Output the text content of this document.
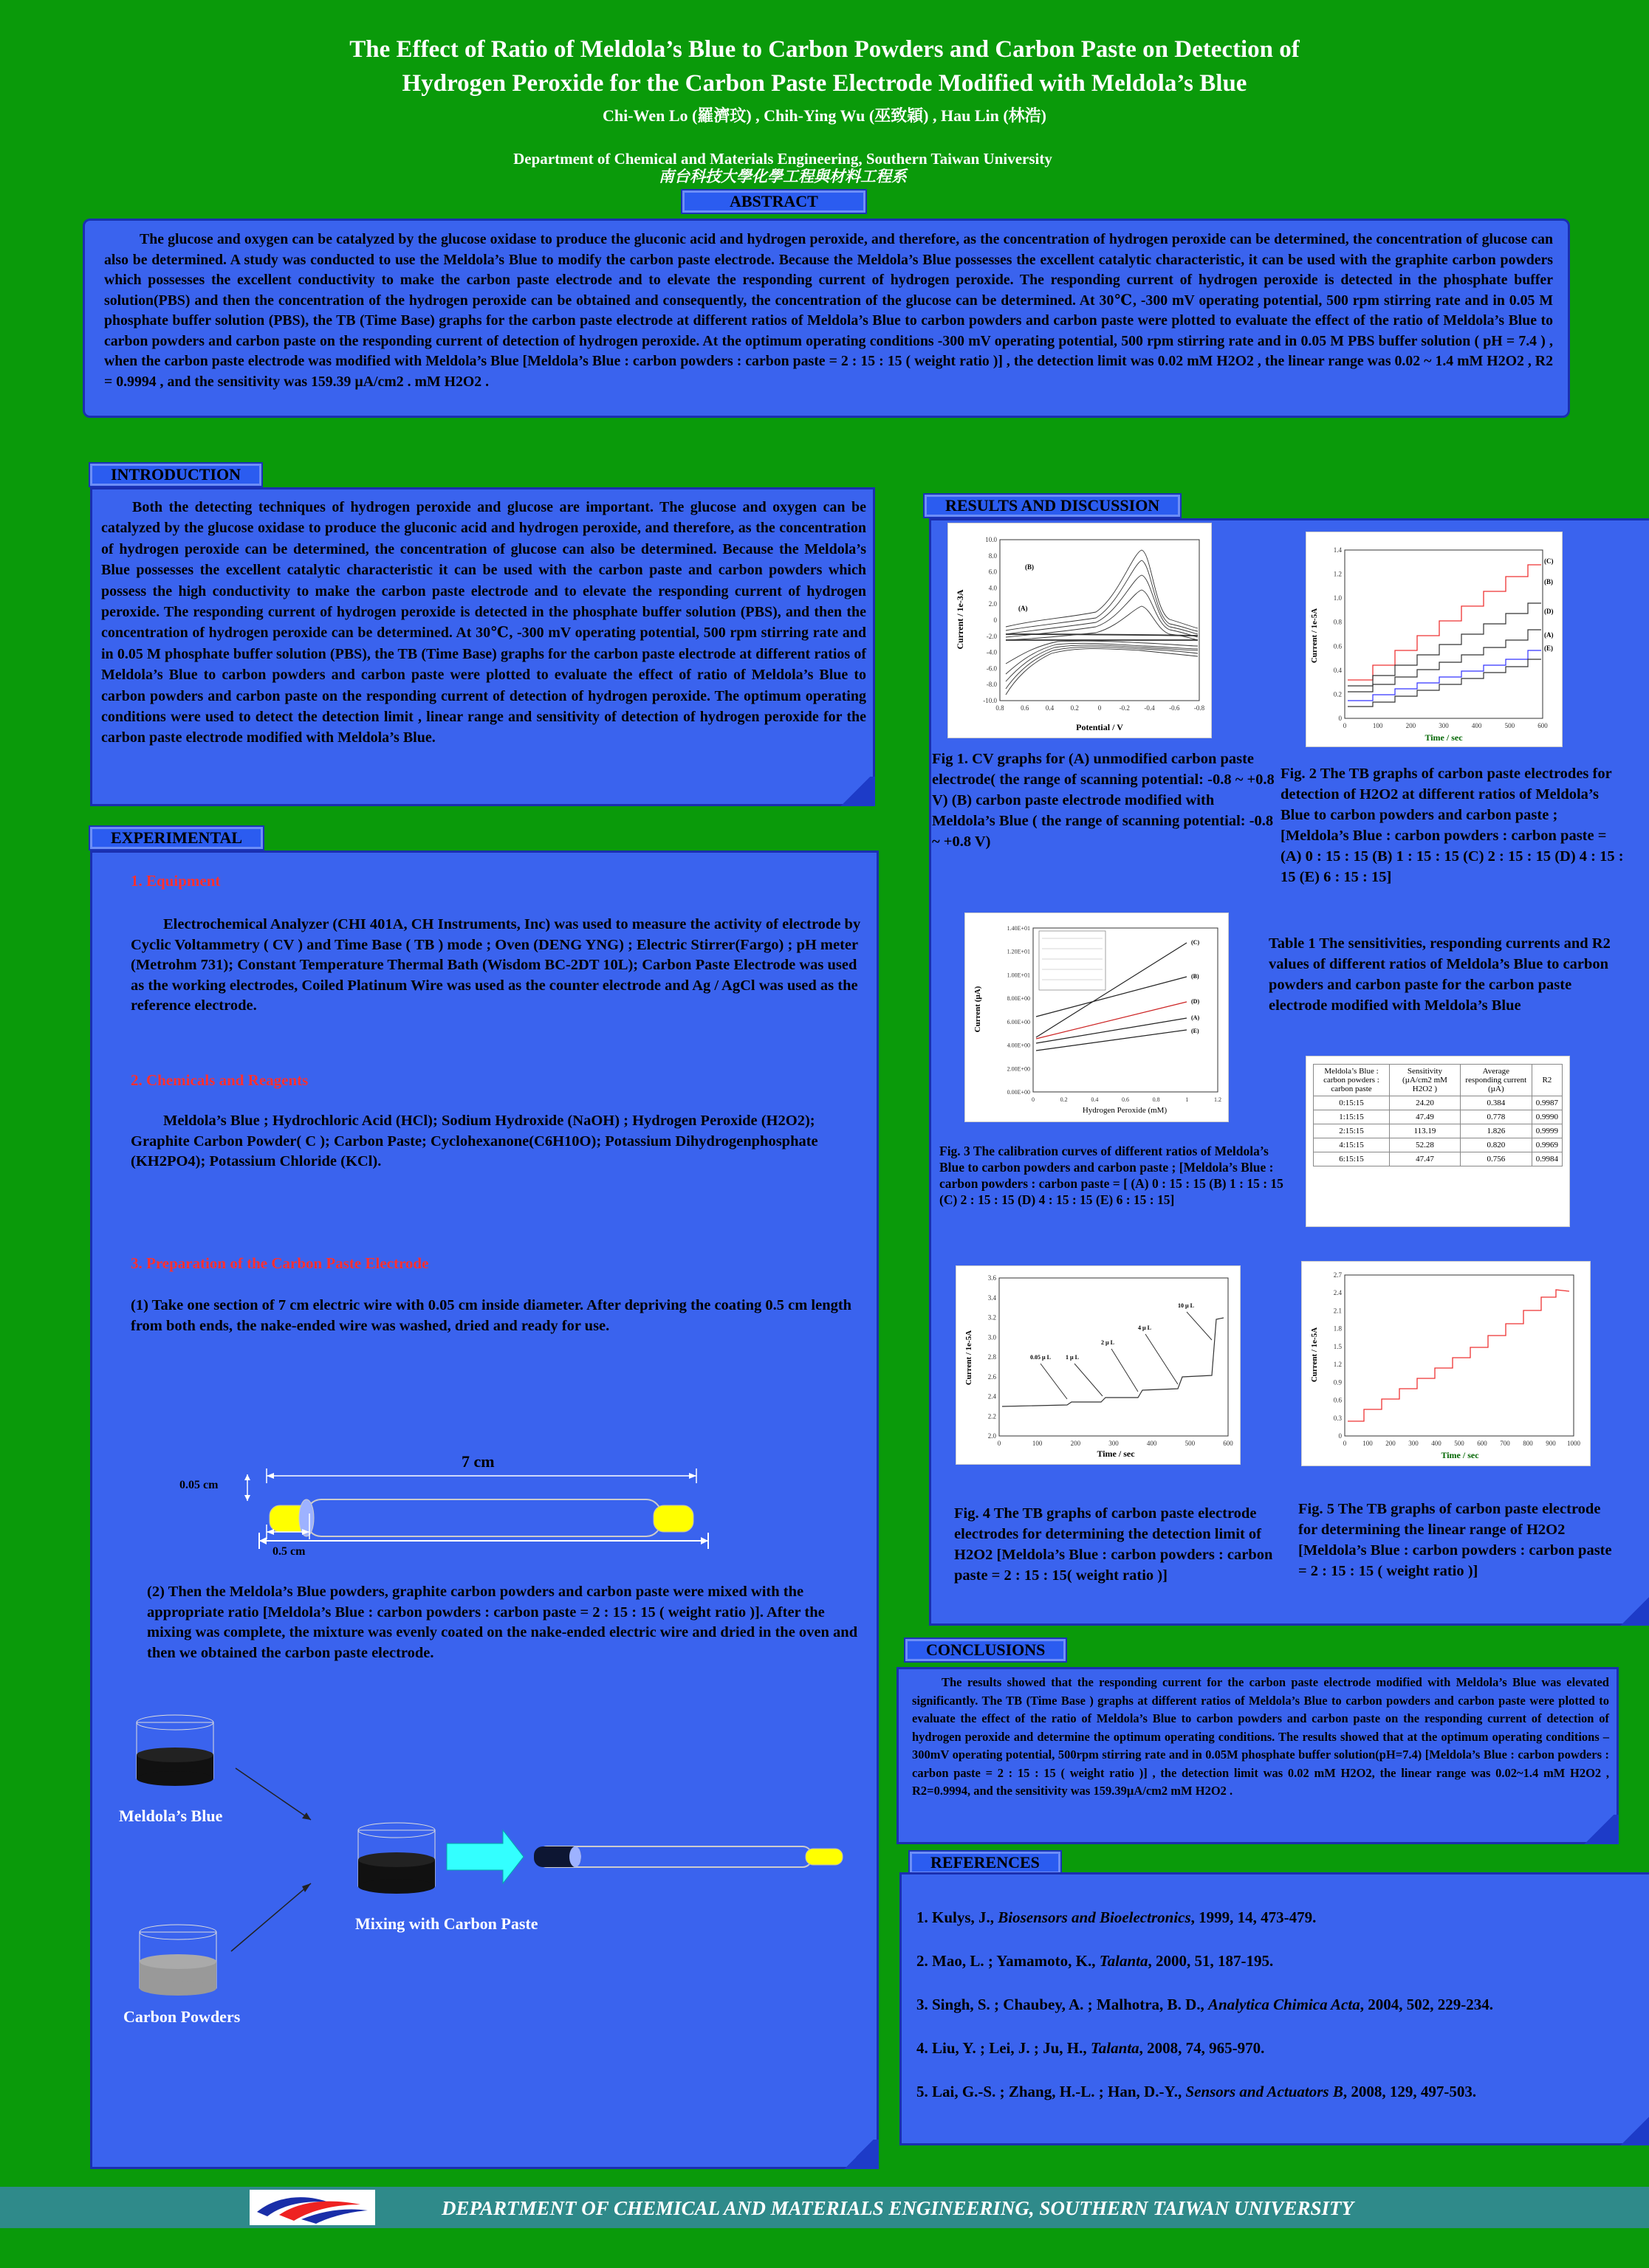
The Effect of Ratio of Meldola’s Blue to Carbon Powders and Carbon Paste on Detection of
Hydrogen Peroxide for the Carbon Paste Electrode Modified with Meldola’s Blue
Chi-Wen Lo (羅濟玟) , Chih-Ying Wu (巫致穎) , Hau Lin (林浩)
Department of Chemical and Materials Engineering, Southern Taiwan University
南台科技大學化學工程與材料工程系
ABSTRACT
The glucose and oxygen can be catalyzed by the glucose oxidase to produce the gluconic acid and hydrogen peroxide, and therefore, as the concentration of hydrogen peroxide can be determined, the concentration of glucose can also be determined. A study was conducted to use the Meldola’s Blue to modify the carbon paste electrode. Because the Meldola’s Blue possesses the excellent catalytic characteristic, it can be used with the graphite carbon powders which possesses the excellent conductivity to make the carbon paste electrode and to elevate the responding current of hydrogen peroxide. The responding current of hydrogen peroxide is detected in the phosphate buffer solution(PBS) and then the concentration of the hydrogen peroxide can be obtained and consequently, the concentration of the glucose can be determined. At 30℃, -300 mV operating potential, 500 rpm stirring rate and in 0.05 M phosphate buffer solution (PBS), the TB (Time Base) graphs for the carbon paste electrode at different ratios of Meldola’s Blue to carbon powders and carbon paste were plotted to evaluate the effect of the ratio of Meldola’s Blue to carbon powders and carbon paste on the responding current of detection of hydrogen peroxide. At the optimum operating conditions -300 mV operating potential, 500 rpm stirring rate and in 0.05 M PBS buffer solution ( pH = 7.4 ) , when the carbon paste electrode was modified with Meldola’s Blue [Meldola’s Blue : carbon powders : carbon paste = 2 : 15 : 15 ( weight ratio )] , the detection limit was 0.02 mM H2O2 , the linear range was 0.02 ~ 1.4 mM H2O2 , R2 = 0.9994 , and the sensitivity was 159.39 µA/cm2 . mM H2O2 .
INTRODUCTION
Both the detecting techniques of hydrogen peroxide and glucose are important. The glucose and oxygen can be catalyzed by the glucose oxidase to produce the gluconic acid and hydrogen peroxide, and therefore, as the concentration of hydrogen peroxide can be determined, the concentration of glucose can also be determined. Because the Meldola’s Blue possesses the excellent catalytic characteristic it can be used with the carbon paste and carbon powders which possess the high conductivity to make the carbon paste electrode and to elevate the responding current of hydrogen peroxide. The responding current of hydrogen peroxide is detected in the phosphate buffer solution (PBS), and then the concentration of hydrogen peroxide can be determined. At 30℃, -300 mV operating potential, 500 rpm stirring rate and in 0.05 M phosphate buffer solution (PBS), the TB (Time Base) graphs for the carbon paste electrode at different ratios of Meldola’s Blue to carbon powders and carbon paste were plotted to evaluate the effect of ratio of Meldola’s Blue to carbon powders and carbon paste on the responding current of detection of hydrogen peroxide. The optimum operating conditions were used to detect the detection limit , linear range and sensitivity of detection of hydrogen peroxide for the carbon paste electrode modified with Meldola’s Blue.
EXPERIMENTAL
1. Equipment
Electrochemical Analyzer (CHI 401A, CH Instruments, Inc) was used to measure the activity of electrode by Cyclic Voltammetry ( CV ) and Time Base ( TB ) mode ; Oven (DENG YNG) ; Electric Stirrer(Fargo) ; pH meter (Metrohm 731); Constant Temperature Thermal Bath (Wisdom BC-2DT 10L); Carbon Paste Electrode was used as the working electrodes, Coiled Platinum Wire was used as the counter electrode and Ag / AgCl was used as the reference electrode.
2. Chemicals and Reagents
Meldola’s Blue ; Hydrochloric Acid (HCl); Sodium Hydroxide (NaOH) ; Hydrogen Peroxide (H2O2); Graphite Carbon Powder( C ); Carbon Paste; Cyclohexanone(C6H10O); Potassium Dihydrogenphosphate (KH2PO4); Potassium Chloride (KCl).
3. Preparation of the Carbon Paste Electrode
(1) Take one section of 7 cm electric wire with 0.05 cm inside diameter. After depriving the coating 0.5 cm length from both ends, the nake-ended wire was washed, dried and ready for use.
7 cm
0.05 cm
0.5 cm
(2) Then the Meldola’s Blue powders, graphite carbon powders and carbon paste were mixed with the appropriate ratio [Meldola’s Blue : carbon powders : carbon paste = 2 : 15 : 15 ( weight ratio )]. After the mixing was complete, the mixture was evenly coated on the nake-ended electric wire and dried in the oven and then we obtained the carbon paste electrode.
Meldola’s Blue
Carbon Powders
Mixing with Carbon Paste
RESULTS AND DISCUSSION
0.8	0.6	0.4	0.2	0	-0.2 -0.4 -0.6 -0.8
10.0
8.0
6.0
4.0
2.0
0
-2.0
-4.0
-6.0
-8.0
-10.0
Current / 1e-3A
Potential / V
(A)
(B)
Fig 1. CV graphs for (A) unmodified carbon paste electrode( the range of scanning potential: -0.8 ~ +0.8 V) (B) carbon paste electrode modified with Meldola’s Blue ( the range of scanning potential: -0.8 ~ +0.8 V)
0	100	200	300	400	500	600
1.4
1.2
1.0
0.8
0.6
0.4
0.2
0
Current / 1e-5A
Time / sec
(C)
(B)
(D)
(A)
(E)
Fig. 2 The TB graphs of carbon paste electrodes for detection of H2O2 at different ratios of Meldola’s Blue to carbon powders and carbon paste ; [Meldola’s Blue : carbon powders : carbon paste = (A) 0 : 15 : 15 (B) 1 : 15 : 15 (C) 2 : 15 : 15 (D) 4 : 15 : 15 (E) 6 : 15 : 15]
0	0.2	0.4	0.6	0.8	1	1.2
1.40E+01
1.20E+01
1.00E+01
8.00E+00
6.00E+00
4.00E+00
2.00E+00
0.00E+00
Current (µA)
Hydrogen Peroxide (mM)
(C)
(B)
(D)
(A)
(E)
Fig. 3 The calibration curves of different ratios of Meldola’s Blue to carbon powders and carbon paste ; [Meldola’s Blue : carbon powders : carbon paste = [ (A) 0 : 15 : 15 (B) 1 : 15 : 15 (C) 2 : 15 : 15 (D) 4 : 15 : 15 (E) 6 : 15 : 15]
Table 1 The sensitivities, responding currents and R2 values of different ratios of Meldola’s Blue to carbon powders and carbon paste for the carbon paste electrode modified with Meldola’s Blue
Meldola’s Blue : carbon powders : carbon paste	Sensitivity (µA/cm2 mM H2O2 )	Average responding current (µA)	R2
0:15:15	24.20	0.384	0.9987
1:15:15	47.49	0.778	0.9990
2:15:15	113.19	1.826	0.9999
4:15:15	52.28	0.820	0.9969
6:15:15	47.47	0.756	0.9984
0	100	200	300	400	500	600
3.6
3.4
3.2
3.0
2.8
2.6
2.4
2.2
2.0
Current / 1e-5A
Time / sec
0.05 µ L	1 µ L
2 µ L
4 µ L
10 µ L
Fig. 4 The TB graphs of carbon paste electrode electrodes for determining the detection limit of H2O2 [Meldola’s Blue : carbon powders : carbon paste = 2 : 15 : 15( weight ratio )]
0 100 200 300 400 500 600 700 800 900 1000
2.7
2.4
2.1
1.8
1.5
1.2
0.9
0.6
0.3
0
Current / 1e-5A
Time / sec
Fig. 5 The TB graphs of carbon paste electrode for determining the linear range of H2O2 [Meldola’s Blue : carbon powders : carbon paste = 2 : 15 : 15 ( weight ratio )]
CONCLUSIONS
The results showed that the responding current for the carbon paste electrode modified with Meldola’s Blue was elevated significantly. The TB (Time Base ) graphs at different ratios of Meldola’s Blue to carbon powders and carbon paste were plotted to evaluate the effect of the ratio of Meldola’s Blue to carbon powders and carbon paste on the responding current of detection of hydrogen peroxide and determine the optimum operating conditions. The results showed that at the optimum operating conditions –300mV operating potential, 500rpm stirring rate and in 0.05M phosphate buffer solution(pH=7.4) [Meldola’s Blue : carbon powders : carbon paste = 2 : 15 : 15 ( weight ratio )] , the detection limit was 0.02 mM H2O2, the linear range was 0.02~1.4 mM H2O2 , R2=0.9994, and the sensitivity was 159.39µA/cm2 mM H2O2 .
REFERENCES

1. Kulys, J., Biosensors and Bioelectronics, 1999, 14, 473-479.

2. Mao, L. ; Yamamoto, K., Talanta, 2000, 51, 187-195.

3. Singh, S. ; Chaubey, A. ; Malhotra, B. D., Analytica Chimica Acta, 2004, 502, 229-234.

4. Liu, Y. ; Lei, J. ; Ju, H., Talanta, 2008, 74, 965-970.

5. Lai, G.-S. ; Zhang, H.-L. ; Han, D.-Y., Sensors and Actuators B, 2008, 129, 497-503.

DEPARTMENT OF CHEMICAL AND MATERIALS ENGINEERING, SOUTHERN TAIWAN UNIVERSITY
